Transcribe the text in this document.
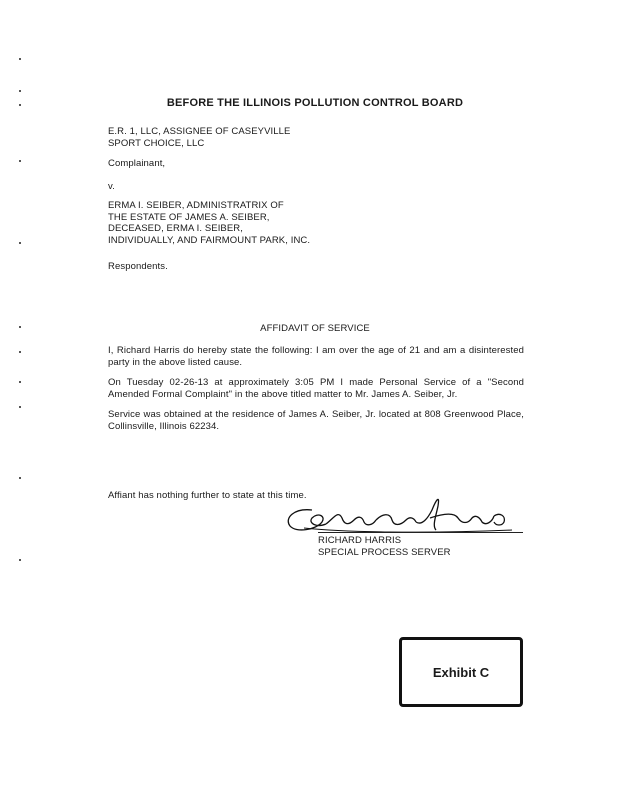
BEFORE THE ILLINOIS POLLUTION CONTROL BOARD
E.R. 1, LLC, ASSIGNEE OF CASEYVILLE
SPORT CHOICE, LLC
Complainant,
v.
ERMA I. SEIBER, ADMINISTRATRIX OF
THE ESTATE OF JAMES A. SEIBER,
DECEASED, ERMA I. SEIBER,
INDIVIDUALLY, AND FAIRMOUNT PARK, INC.
Respondents.
AFFIDAVIT OF SERVICE
I, Richard Harris do hereby state the following: I am over the age of 21 and am a disinterested party in the above listed cause.
On Tuesday 02-26-13 at approximately 3:05 PM I made Personal Service of a "Second Amended Formal Complaint" in the above titled matter to Mr. James A. Seiber, Jr.
Service was obtained at the residence of James A. Seiber, Jr. located at 808 Greenwood Place, Collinsville, Illinois 62234.
Affiant has nothing further to state at this time.
RICHARD HARRIS
SPECIAL PROCESS SERVER
Exhibit C
